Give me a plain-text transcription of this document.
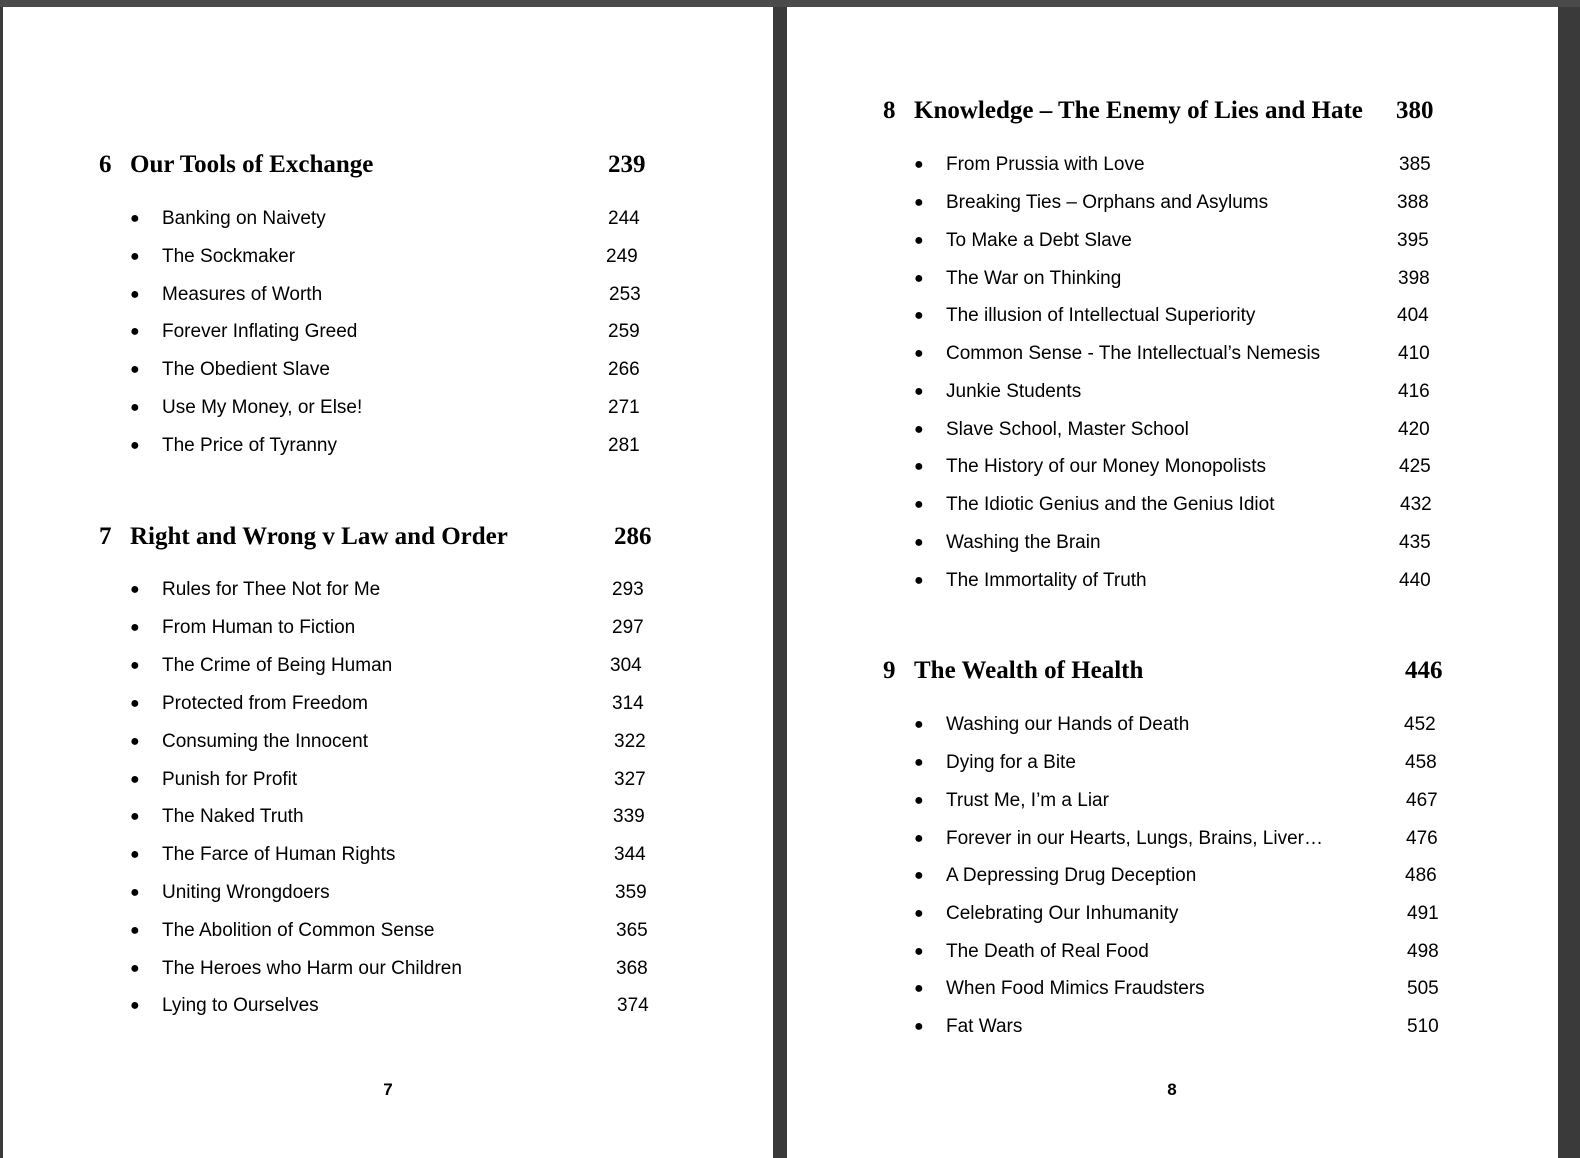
6 Our Tools of Exchange	239
● Banking on Naivety	244
● The Sockmaker	249
● Measures of Worth	253
● Forever Inflating Greed	259
● The Obedient Slave	266
● Use My Money, or Else!	271
● The Price of Tyranny	281
7 Right and Wrong v Law and Order	286
● Rules for Thee Not for Me	293
● From Human to Fiction	297
● The Crime of Being Human	304
● Protected from Freedom	314
● Consuming the Innocent	322
● Punish for Profit	327
● The Naked Truth	339
● The Farce of Human Rights	344
● Uniting Wrongdoers	359
● The Abolition of Common Sense	365
● The Heroes who Harm our Children	368
● Lying to Ourselves	374
7
8 Knowledge – The Enemy of Lies and Hate 380
● From Prussia with Love	385
● Breaking Ties – Orphans and Asylums	388
● To Make a Debt Slave	395
● The War on Thinking	398
● The illusion of Intellectual Superiority	404
● Common Sense - The Intellectual’s Nemesis	410
● Junkie Students	416
● Slave School, Master School	420
● The History of our Money Monopolists	425
● The Idiotic Genius and the Genius Idiot	432
● Washing the Brain	435
● The Immortality of Truth	440
9 The Wealth of Health	446
● Washing our Hands of Death	452
● Dying for a Bite	458
● Trust Me, I’m a Liar	467
● Forever in our Hearts, Lungs, Brains, Liver…	476
● A Depressing Drug Deception	486
● Celebrating Our Inhumanity	491
● The Death of Real Food	498
● When Food Mimics Fraudsters	505
● Fat Wars	510
8
